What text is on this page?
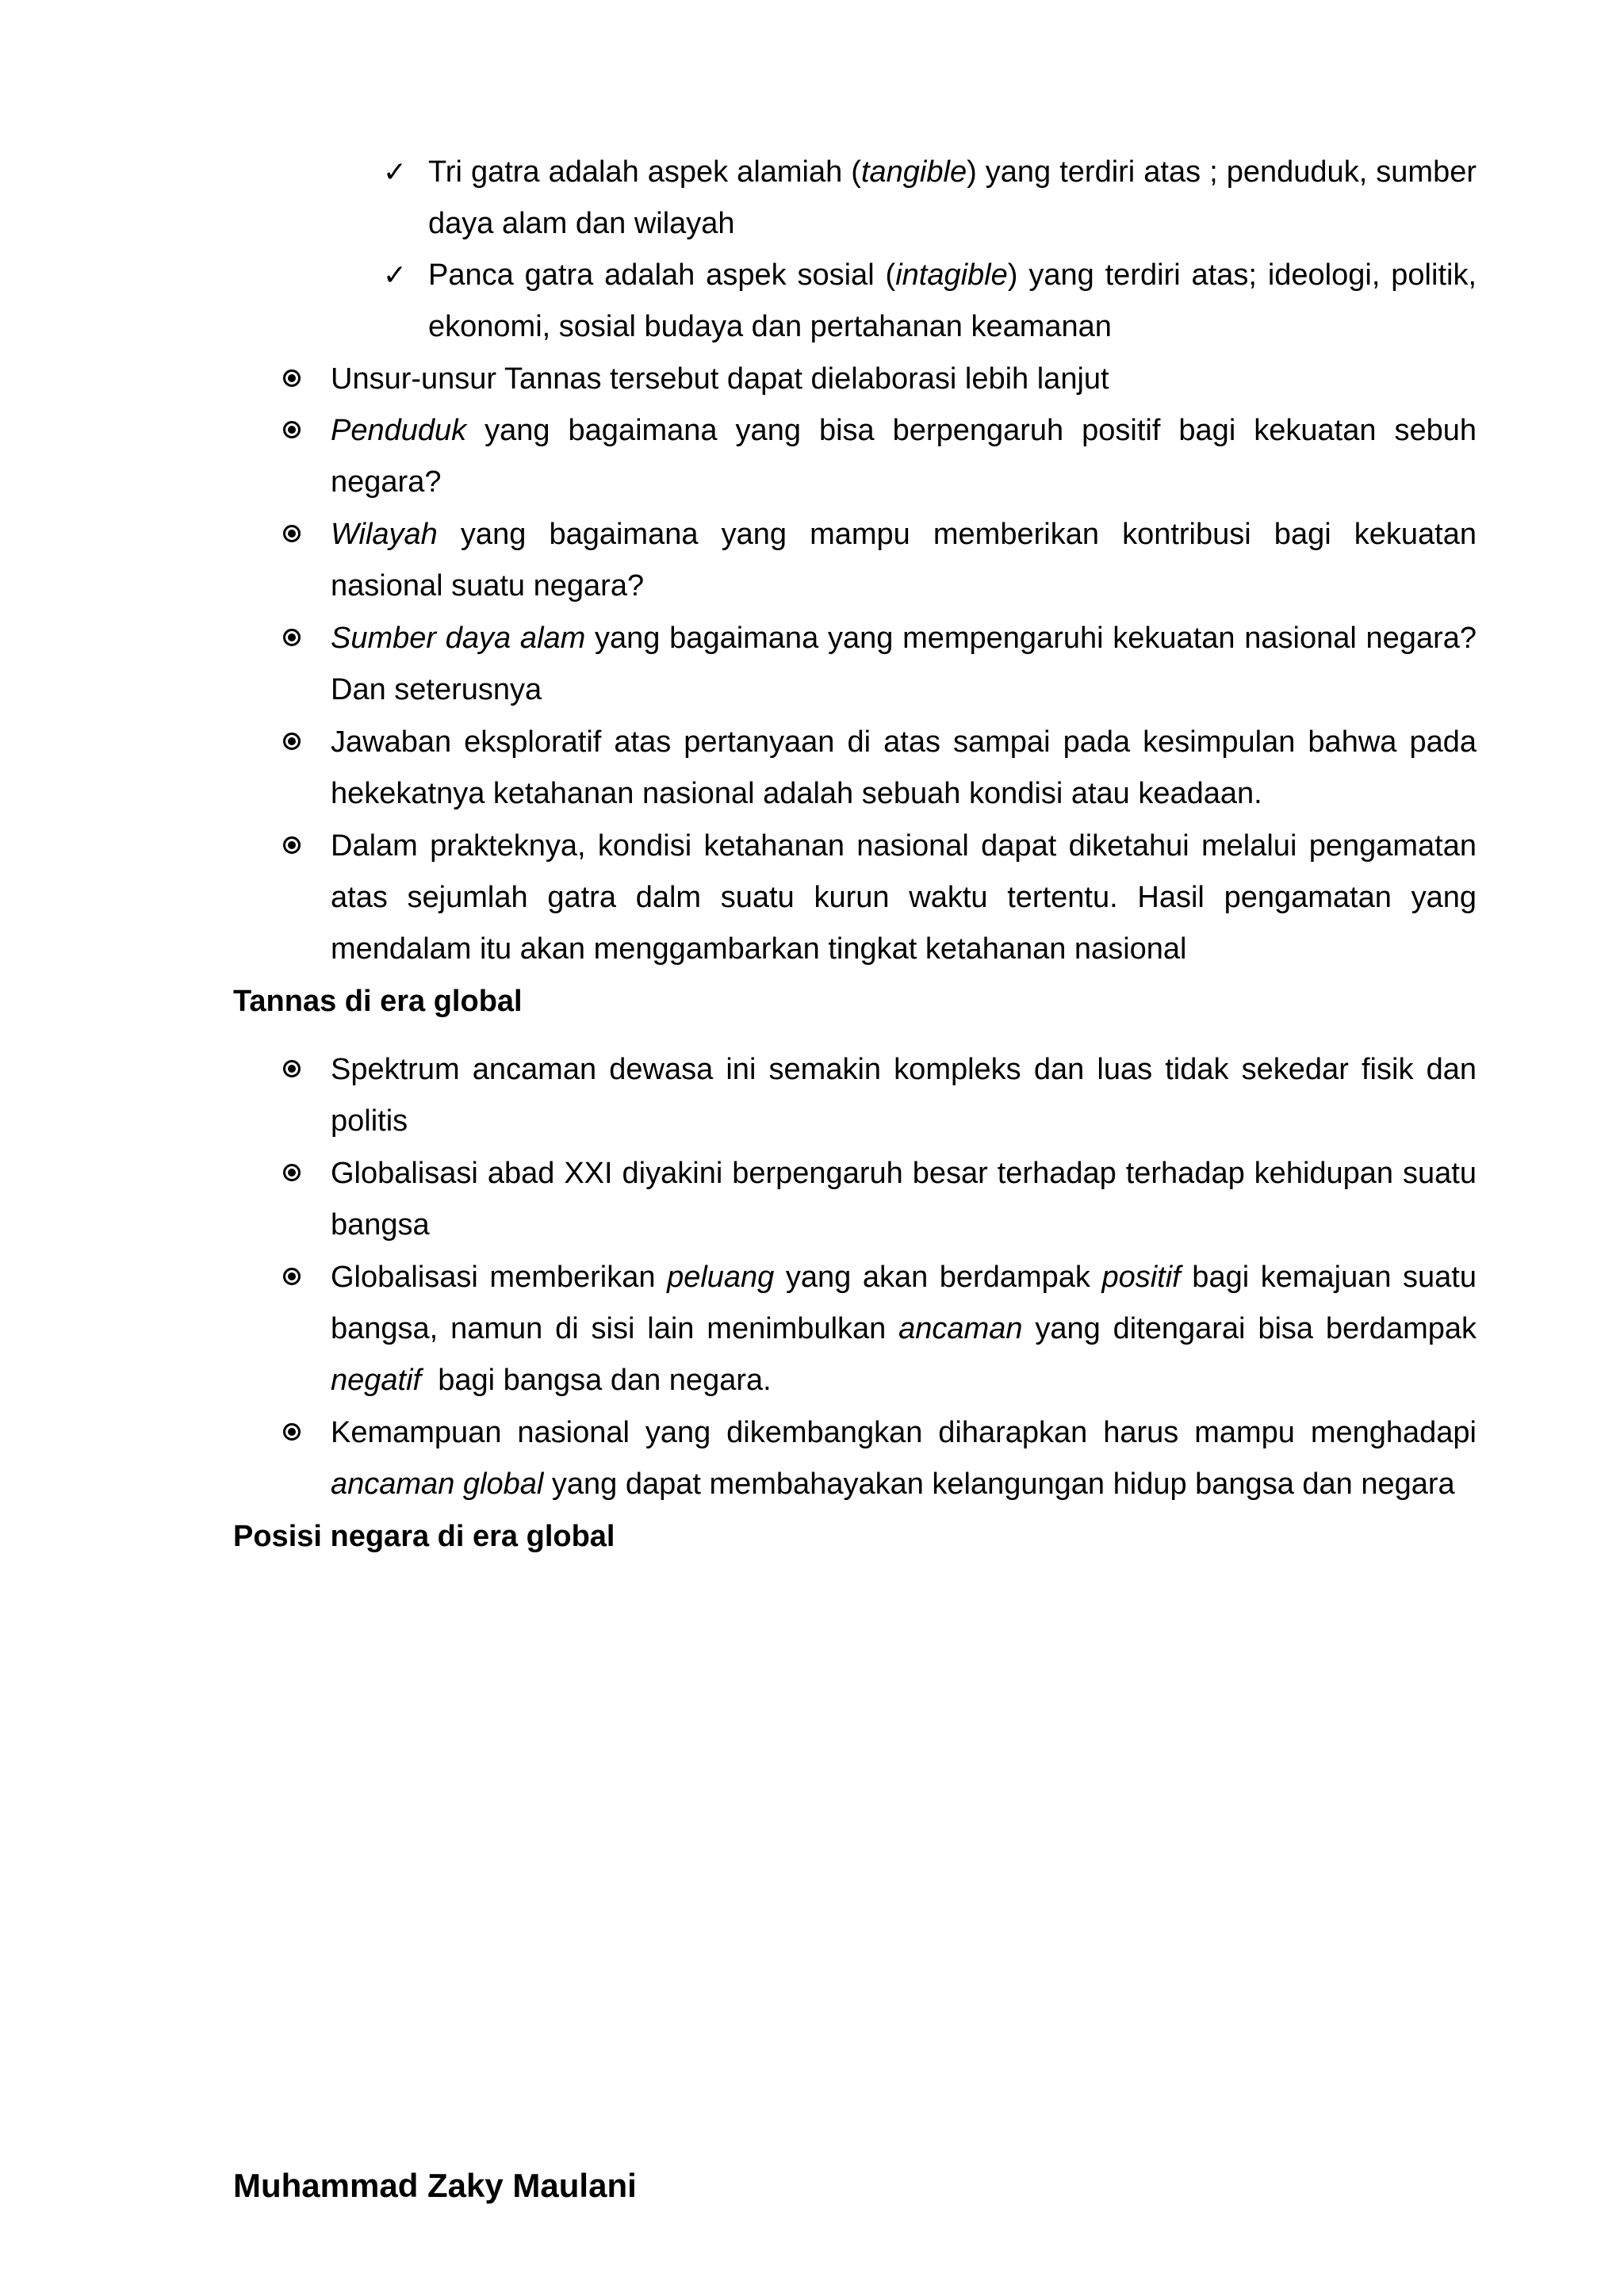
✓ Tri gatra adalah aspek alamiah (tangible) yang terdiri atas ; penduduk, sumber daya alam dan wilayah
✓ Panca gatra adalah aspek sosial (intagible) yang terdiri atas; ideologi, politik, ekonomi, sosial budaya dan pertahanan keamanan
Unsur-unsur Tannas tersebut dapat dielaborasi lebih lanjut
Penduduk yang bagaimana yang bisa berpengaruh positif bagi kekuatan sebuh negara?
Wilayah yang bagaimana yang mampu memberikan kontribusi bagi kekuatan nasional suatu negara?
Sumber daya alam yang bagaimana yang mempengaruhi kekuatan nasional negara? Dan seterusnya
Jawaban eksploratif atas pertanyaan di atas sampai pada kesimpulan bahwa pada hekekatnya ketahanan nasional adalah sebuah kondisi atau keadaan.
Dalam prakteknya, kondisi ketahanan nasional dapat diketahui melalui pengamatan atas sejumlah gatra dalm suatu kurun waktu tertentu. Hasil pengamatan yang mendalam itu akan menggambarkan tingkat ketahanan nasional
Tannas di era global
Spektrum ancaman dewasa ini semakin kompleks dan luas tidak sekedar fisik dan politis
Globalisasi abad XXI diyakini berpengaruh besar terhadap terhadap kehidupan suatu bangsa
Globalisasi memberikan peluang yang akan berdampak positif bagi kemajuan suatu bangsa, namun di sisi lain menimbulkan ancaman yang ditengarai bisa berdampak negatif  bagi bangsa dan negara.
Kemampuan nasional yang dikembangkan diharapkan harus mampu menghadapi ancaman global yang dapat membahayakan kelangungan hidup bangsa dan negara
Posisi negara di era global
Muhammad Zaky Maulani
